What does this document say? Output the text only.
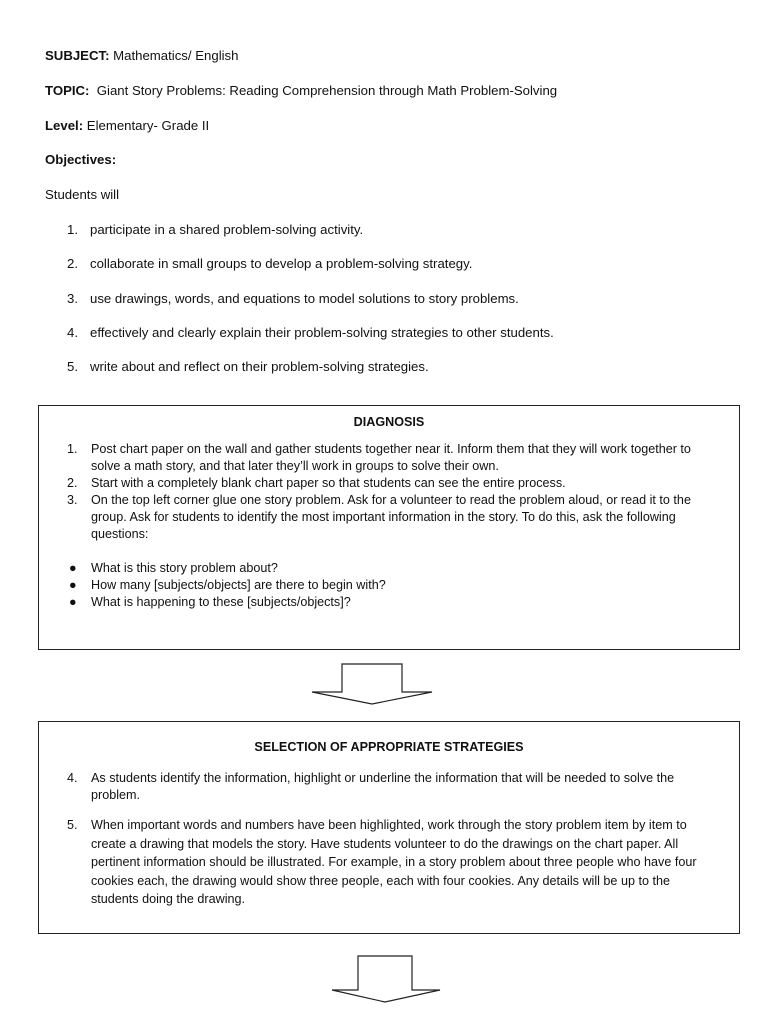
SUBJECT: Mathematics/ English

TOPIC:  Giant Story Problems: Reading Comprehension through Math Problem-Solving

Level: Elementary- Grade II

Objectives:

Students will

1. participate in a shared problem-solving activity.
2. collaborate in small groups to develop a problem-solving strategy.
3. use drawings, words, and equations to model solutions to story problems.
4. effectively and clearly explain their problem-solving strategies to other students.
5. write about and reflect on their problem-solving strategies.

DIAGNOSIS

1. Post chart paper on the wall and gather students together near it. Inform them that they will work together to solve a math story, and that later they’ll work in groups to solve their own.
2. Start with a completely blank chart paper so that students can see the entire process.
3. On the top left corner glue one story problem. Ask for a volunteer to read the problem aloud, or read it to the group. Ask for students to identify the most important information in the story. To do this, ask the following questions:
● What is this story problem about?
● How many [subjects/objects] are there to begin with?
● What is happening to these [subjects/objects]?

SELECTION OF APPROPRIATE STRATEGIES

4. As students identify the information, highlight or underline the information that will be needed to solve the problem.
5. When important words and numbers have been highlighted, work through the story problem item by item to create a drawing that models the story. Have students volunteer to do the drawings on the chart paper. All pertinent information should be illustrated. For example, in a story problem about three people who have four cookies each, the drawing would show three people, each with four cookies. Any details will be up to the students doing the drawing.
